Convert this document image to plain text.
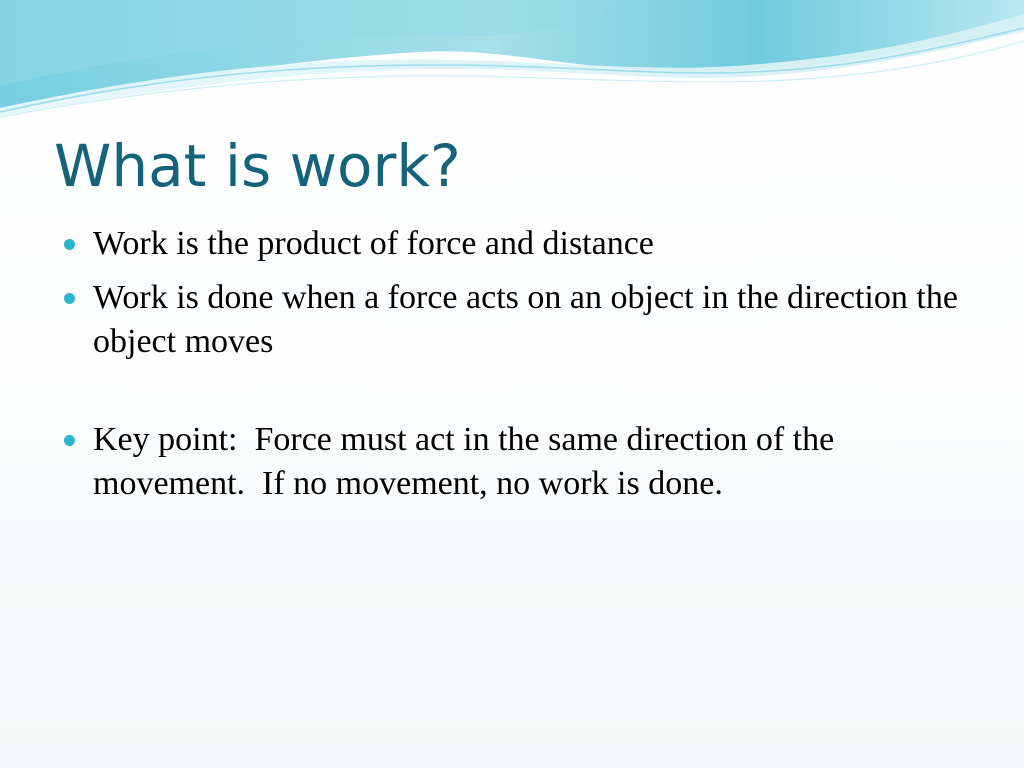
What is work?
Work is the product of force and distance
Work is done when a force acts on an object in the direction the object moves
Key point:  Force must act in the same direction of the movement.  If no movement, no work is done.
